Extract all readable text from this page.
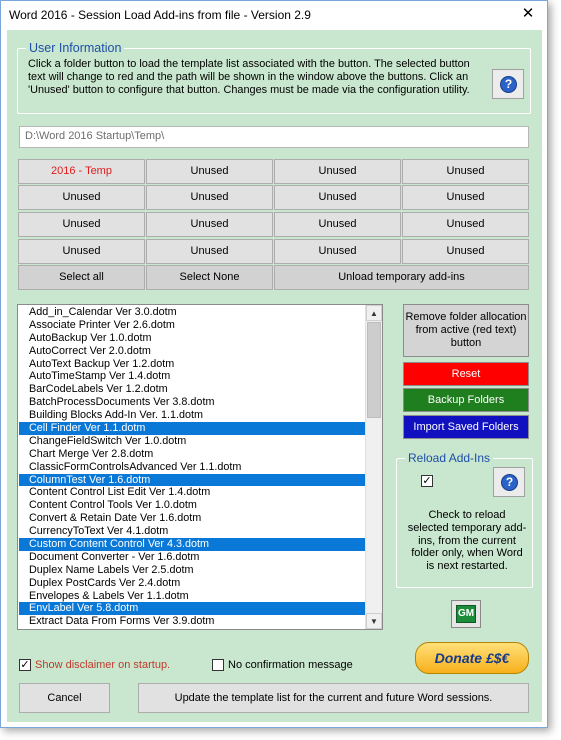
Word 2016 - Session Load Add-ins from file - Version 2.9	✕
User Information
Click a folder button to load the template list associated with the button. The selected button text will change to red and the path will be shown in the window above the buttons. Click an 'Unused' button to configure that button. Changes must be made via the configuration utility.	?
D:\Word 2016 Startup\Temp\
2016 - Temp	Unused	Unused	Unused
Unused	Unused	Unused	Unused
Unused	Unused	Unused	Unused
Unused	Unused	Unused	Unused
Select all	Select None	Unload temporary add-ins
Add_in_Calendar Ver 3.0.dotm
Associate Printer Ver 2.6.dotm
AutoBackup Ver 1.0.dotm
AutoCorrect Ver 2.0.dotm
AutoText Backup Ver 1.2.dotm
AutoTimeStamp Ver 1.4.dotm
BarCodeLabels Ver 1.2.dotm
BatchProcessDocuments Ver 3.8.dotm
Building Blocks Add-In Ver. 1.1.dotm
Cell Finder Ver 1.1.dotm
ChangeFieldSwitch Ver 1.0.dotm
Chart Merge Ver 2.8.dotm
ClassicFormControlsAdvanced Ver 1.1.dotm
ColumnTest Ver 1.6.dotm
Content Control List Edit Ver 1.4.dotm
Content Control Tools Ver 1.0.dotm
Convert & Retain Date Ver 1.6.dotm
CurrencyToText Ver 4.1.dotm
Custom Content Control Ver 4.3.dotm
Document Converter - Ver 1.6.dotm
Duplex Name Labels Ver 2.5.dotm
Duplex PostCards Ver 2.4.dotm
Envelopes & Labels Ver 1.1.dotm
EnvLabel Ver 5.8.dotm
Extract Data From Forms Ver 3.9.dotm
▲
▼
Remove folder allocation from active (red text) button
Reset
Backup Folders
Import Saved Folders
Reload Add-Ins
✓	?
Check to reload selected temporary add-ins, from the current folder only, when Word is next restarted.
GM
Donate £$€
✓ Show disclaimer on startup.	No confirmation message
Cancel	Update the template list for the current and future Word sessions.
